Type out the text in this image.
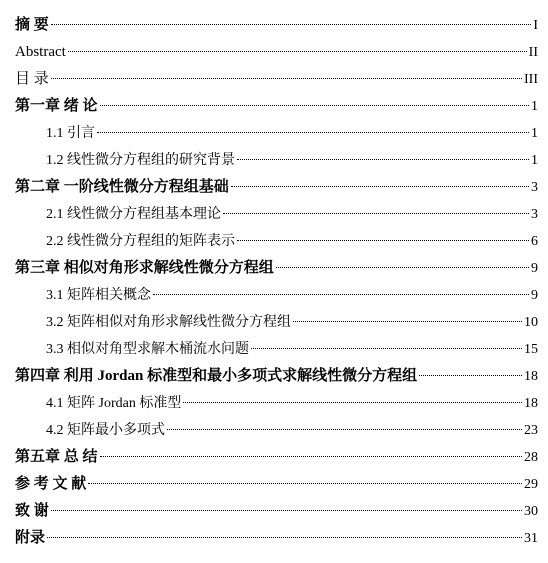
摘 要	I
Abstract	II
目 录	III
第一章 绪 论	1
1.1 引言	1
1.2 线性微分方程组的研究背景	1
第二章 一阶线性微分方程组基础	3
2.1 线性微分方程组基本理论	3
2.2 线性微分方程组的矩阵表示	6
第三章 相似对角形求解线性微分方程组	9
3.1 矩阵相关概念	9
3.2 矩阵相似对角形求解线性微分方程组	10
3.3 相似对角型求解木桶流水问题	15
第四章 利用 Jordan 标准型和最小多项式求解线性微分方程组	18
4.1 矩阵 Jordan 标准型	18
4.2 矩阵最小多项式	23
第五章 总 结	28
参 考 文 献	29
致 谢	30
附录	31
